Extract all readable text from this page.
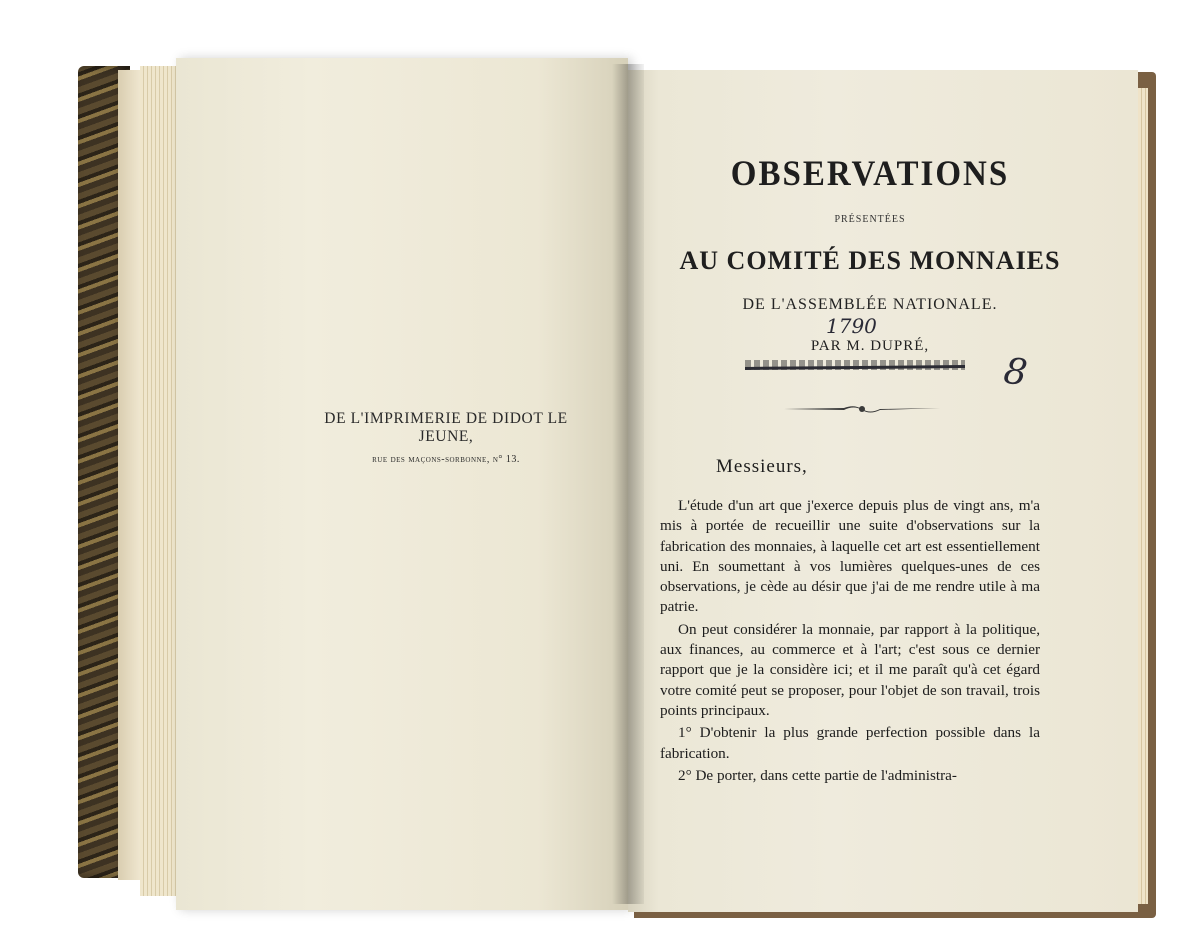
DE L'IMPRIMERIE DE DIDOT LE JEUNE,
rue des maçons-sorbonne, n° 13.
OBSERVATIONS
PRÉSENTÉES
AU COMITÉ DES MONNAIES
DE L'ASSEMBLÉE NATIONALE.
1790
PAR M. DUPRÉ,
8
Messieurs,

L'étude d'un art que j'exerce depuis plus de vingt ans, m'a mis à portée de recueillir une suite d'observations sur la fabrication des monnaies, à laquelle cet art est essentiellement uni. En soumettant à vos lumières quelques-unes de ces observations, je cède au désir que j'ai de me rendre utile à ma patrie.

On peut considérer la monnaie, par rapport à la politique, aux finances, au commerce et à l'art; c'est sous ce dernier rapport que je la considère ici; et il me paraît qu'à cet égard votre comité peut se proposer, pour l'objet de son travail, trois points principaux.

1° D'obtenir la plus grande perfection possible dans la fabrication.

2° De porter, dans cette partie de l'administra-
